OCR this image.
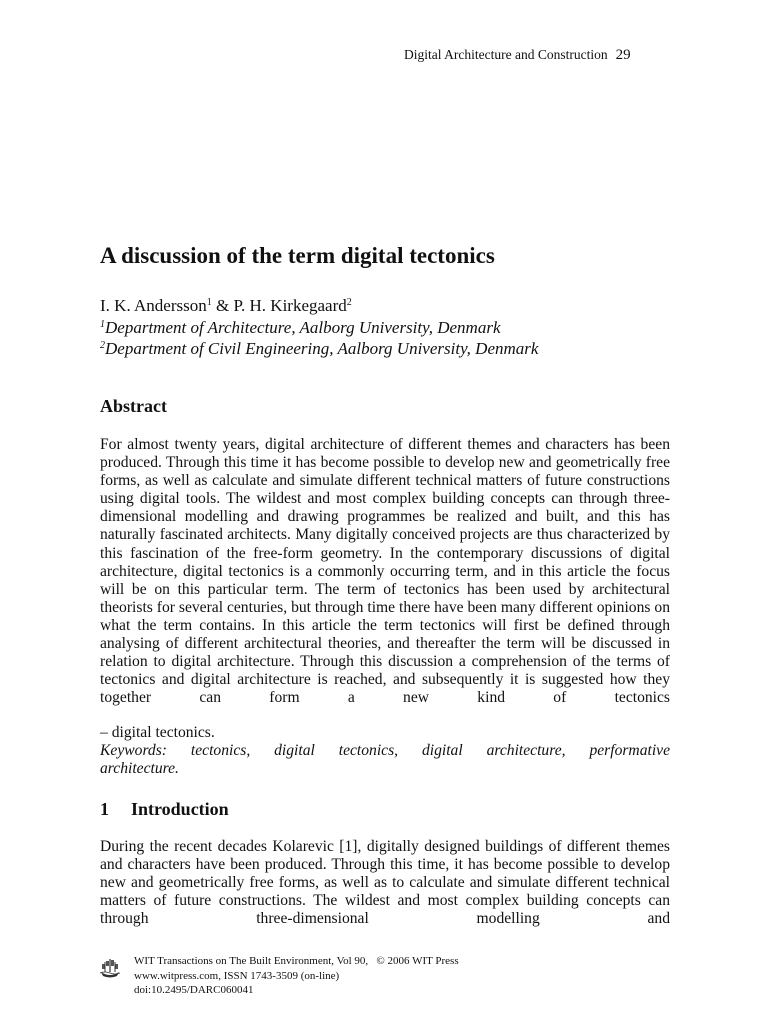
Digital Architecture and Construction 29
A discussion of the term digital tectonics
I. K. Andersson$^1$ & P. H. Kirkegaard$^2$
$^1$Department of Architecture, Aalborg University, Denmark
$^2$Department of Civil Engineering, Aalborg University, Denmark
Abstract

For almost twenty years, digital architecture of different themes and characters has been produced. Through this time it has become possible to develop new and geometrically free forms, as well as calculate and simulate different technical matters of future constructions using digital tools. The wildest and most complex building concepts can through three-dimensional modelling and drawing programmes be realized and built, and this has naturally fascinated architects. Many digitally conceived projects are thus characterized by this fascination of the free-form geometry. In the contemporary discussions of digital architecture, digital tectonics is a commonly occurring term, and in this article the focus will be on this particular term. The term of tectonics has been used by architectural theorists for several centuries, but through time there have been many different opinions on what the term contains. In this article the term tectonics will first be defined through analysing of different architectural theories, and thereafter the term will be discussed in relation to digital architecture. Through this discussion a comprehension of the terms of tectonics and digital architecture is reached, and subsequently it is suggested how they together can form a new kind of tectonics

– digital tectonics.
Keywords: tectonics, digital tectonics, digital architecture, performative
architecture.
1 Introduction

During the recent decades Kolarevic [1], digitally designed buildings of different themes and characters have been produced. Through this time, it has become possible to develop new and geometrically free forms, as well as to calculate and simulate different technical matters of future constructions. The wildest and most complex building concepts can through three-dimensional modelling and

WIT Transactions on The Built Environment, Vol 90,   © 2006 WIT Press
www.witpress.com, ISSN 1743-3509 (on-line)
doi:10.2495/DARC060041
